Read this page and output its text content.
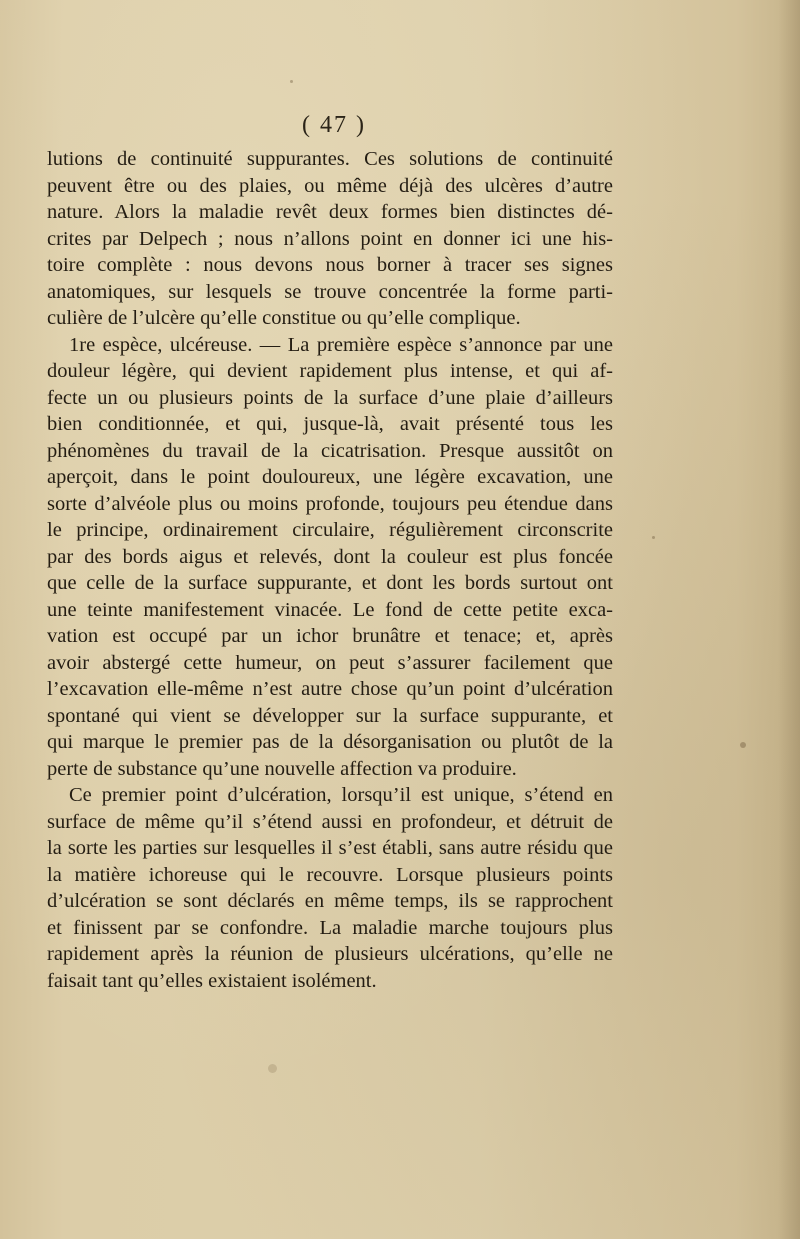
( 47 )
lutions de continuité suppurantes. Ces solutions de continuité
peuvent être ou des plaies, ou même déjà des ulcères d’autre
nature. Alors la maladie revêt deux formes bien distinctes dé-
crites par Delpech ; nous n’allons point en donner ici une his-
toire complète : nous devons nous borner à tracer ses signes
anatomiques, sur lesquels se trouve concentrée la forme parti-
culière de l’ulcère qu’elle constitue ou qu’elle complique.
1re espèce, ulcéreuse. — La première espèce s’annonce par une
douleur légère, qui devient rapidement plus intense, et qui af-
fecte un ou plusieurs points de la surface d’une plaie d’ailleurs
bien conditionnée, et qui, jusque-là, avait présenté tous les
phénomènes du travail de la cicatrisation. Presque aussitôt on
aperçoit, dans le point douloureux, une légère excavation, une
sorte d’alvéole plus ou moins profonde, toujours peu étendue dans
le principe, ordinairement circulaire, régulièrement circonscrite
par des bords aigus et relevés, dont la couleur est plus foncée
que celle de la surface suppurante, et dont les bords surtout ont
une teinte manifestement vinacée. Le fond de cette petite exca-
vation est occupé par un ichor brunâtre et tenace; et, après
avoir abstergé cette humeur, on peut s’assurer facilement que
l’excavation elle-même n’est autre chose qu’un point d’ulcération
spontané qui vient se développer sur la surface suppurante, et
qui marque le premier pas de la désorganisation ou plutôt de la
perte de substance qu’une nouvelle affection va produire.
Ce premier point d’ulcération, lorsqu’il est unique, s’étend en
surface de même qu’il s’étend aussi en profondeur, et détruit de
la sorte les parties sur lesquelles il s’est établi, sans autre résidu que
la matière ichoreuse qui le recouvre. Lorsque plusieurs points
d’ulcération se sont déclarés en même temps, ils se rapprochent
et finissent par se confondre. La maladie marche toujours plus
rapidement après la réunion de plusieurs ulcérations, qu’elle ne
faisait tant qu’elles existaient isolément.
